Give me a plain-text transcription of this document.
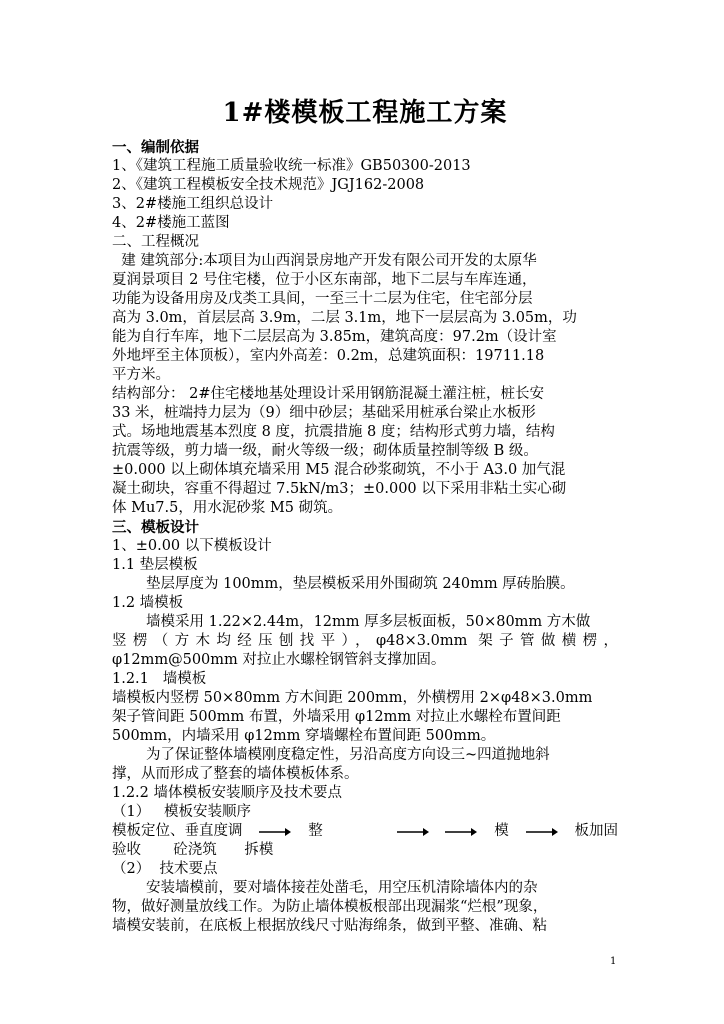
1#楼模板工程施工方案
一、编制依据
1、《建筑工程施工质量验收统一标准》GB50300-2013
2、《建筑工程模板安全技术规范》JGJ162-2008
3、2#楼施工组织总设计
4、2#楼施工蓝图
二、工程概况
建 建筑部分:本项目为山西润景房地产开发有限公司开发的太原华
夏润景项目 2 号住宅楼，位于小区东南部，地下二层与车库连通，
功能为设备用房及戊类工具间，一至三十二层为住宅，住宅部分层
高为 3.0m，首层层高 3.9m，二层 3.1m，地下一层层高为 3.05m，功
能为自行车库，地下二层层高为 3.85m，建筑高度：97.2m（设计室
外地坪至主体顶板），室内外高差：0.2m，总建筑面积：19711.18
平方米。
结构部分： 2#住宅楼地基处理设计采用钢筋混凝土灌注桩，桩长安
33 米，桩端持力层为（9）细中砂层；基础采用桩承台梁止水板形
式。场地地震基本烈度 8 度，抗震措施 8 度；结构形式剪力墙，结构
抗震等级，剪力墙一级，耐火等级一级；砌体质量控制等级 B 级。
±0.000 以上砌体填充墙采用 M5 混合砂浆砌筑，不小于 A3.0 加气混
凝土砌块，容重不得超过 7.5kN/m3；±0.000 以下采用非粘土实心砌
体 Mu7.5，用水泥砂浆 M5 砌筑。
三、模板设计
1、±0.00 以下模板设计
1.1 垫层模板
垫层厚度为 100mm，垫层模板采用外围砌筑 240mm 厚砖胎膜。
1.2 墙模板
墙模采用 1.22×2.44m，12mm 厚多层板面板，50×80mm 方木做
竖楞（方木均经压刨找平），φ48×3.0mm 架子管做横楞，
φ12mm@500mm 对拉止水螺栓钢管斜支撑加固。
1.2.1   墙模板
墙模板内竖楞 50×80mm 方木间距 200mm，外横楞用 2×φ48×3.0mm
架子管间距 500mm 布置，外墙采用 φ12mm 对拉止水螺栓布置间距
500mm，内墙采用 φ12mm 穿墙螺栓布置间距 500mm。
为了保证整体墙模刚度稳定性，另沿高度方向设三~四道抛地斜
撑，从而形成了整套的墙体模板体系。
1.2.2 墙体模板安装顺序及技术要点
（1）   模板安装顺序
模板定位、垂直度调	整	模	板加固
验收       砼浇筑      拆模
（2）  技术要点
安装墙模前，要对墙体接茬处凿毛，用空压机清除墙体内的杂
物，做好测量放线工作。为防止墙体模板根部出现漏浆“烂根”现象，
墙模安装前，在底板上根据放线尺寸贴海绵条，做到平整、准确、粘
1
